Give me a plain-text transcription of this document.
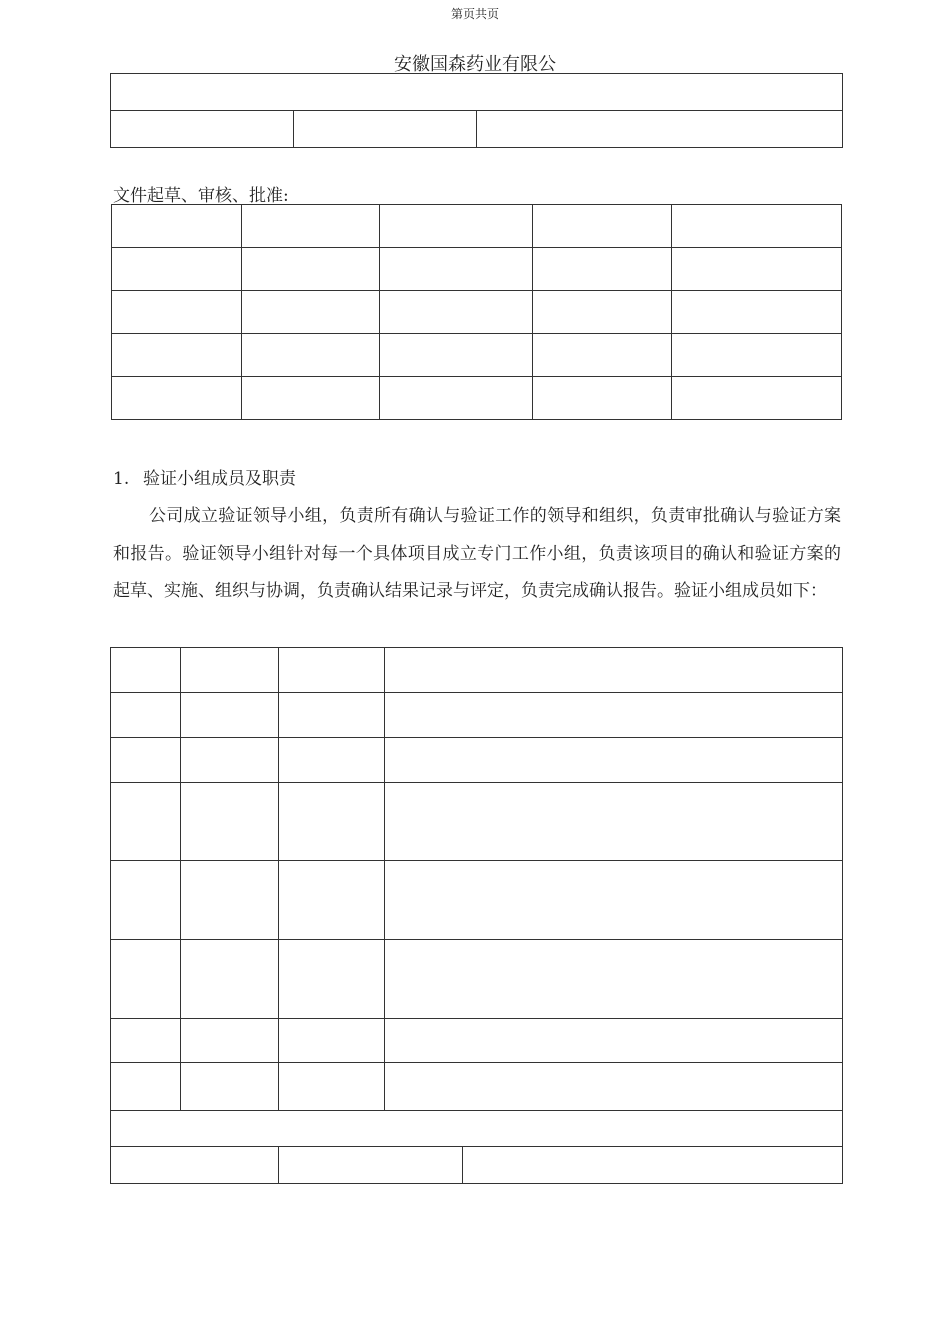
第页共页
安徽国森药业有限公

文件起草、审核、批准:

1. 验证小组成员及职责

公司成立验证领导小组，负责所有确认与验证工作的领导和组织，负责审批确认与验证方案和报告。验证领导小组针对每一个具体项目成立专门工作小组，负责该项目的确认和验证方案的起草、实施、组织与协调，负责确认结果记录与评定，负责完成确认报告。验证小组成员如下：
